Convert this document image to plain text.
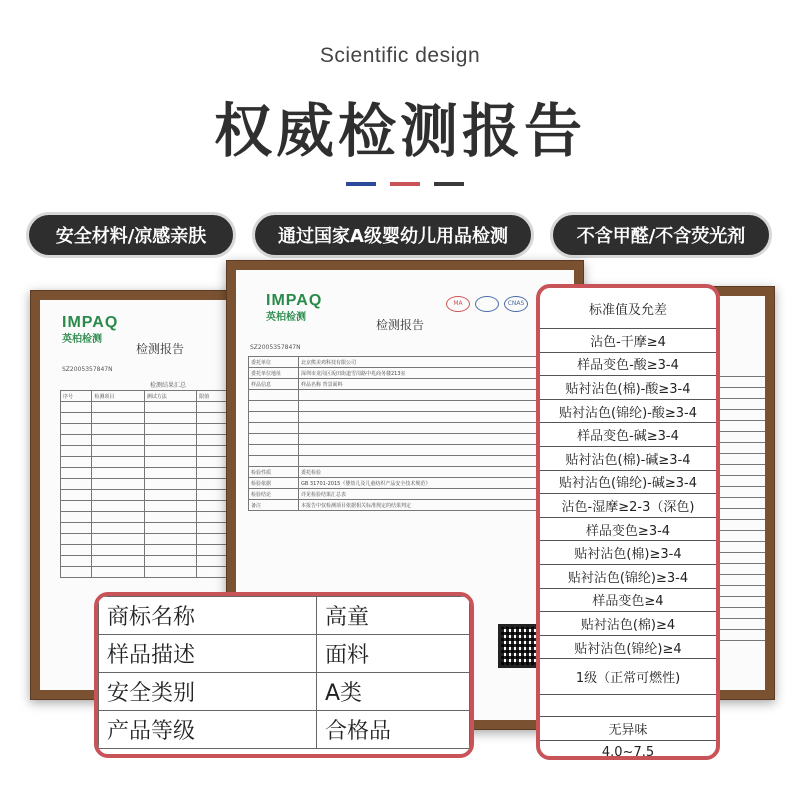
Scientific design
权威检测报告
安全材料/凉感亲肤	通过国家A级婴幼儿用品检测	不含甲醛/不含荧光剂
IMPAQ
英柏检测
检测报告
SZ2005357847N
检测结果汇总
序号	检测项目	测试方法	限值	

IMPAQ
英柏检测
MA	CNAS
检测报告
SZ2005357847N
委托单位	北京熊美鸡科技有限公司
委托单位地址	深圳市龙岗区坂田街道雪岗路中兆商务楼213室
样品信息	样品名称 背景面料

检验性质	委托检验
检验依据	GB 31701-2015《婴幼儿及儿童纺织产品安全技术规范》
检验结论	详见检验结果汇总表
备注	本报告中仅检测项目依据相关标准规定的结果判定
商标名称	高童
样品描述	面料
安全类别	A类
产品等级	合格品
标准值及允差
沾色-干摩≥4
样品变色-酸≥3-4
贴衬沾色(棉)-酸≥3-4
贴衬沾色(锦纶)-酸≥3-4
样品变色-碱≥3-4
贴衬沾色(棉)-碱≥3-4
贴衬沾色(锦纶)-碱≥3-4
沾色-湿摩≥2-3（深色)
样品变色≥3-4
贴衬沾色(棉)≥3-4
贴衬沾色(锦纶)≥3-4
样品变色≥4
贴衬沾色(棉)≥4
贴衬沾色(锦纶)≥4
1级（正常可燃性)
无异味
4.0~7.5
